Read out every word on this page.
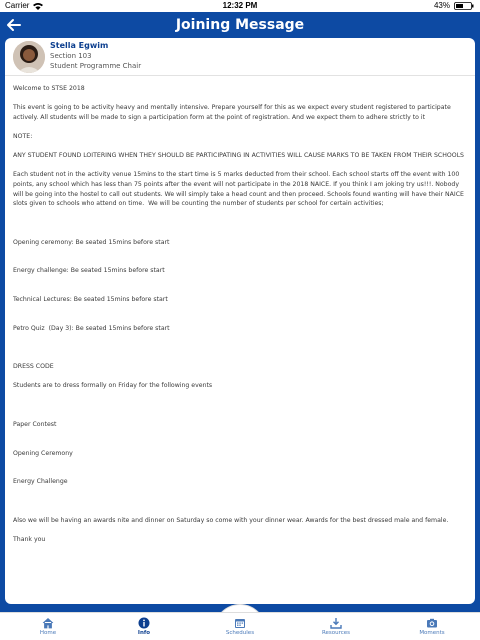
Carrier	12:32 PM	43%
Joining Message
Stella Egwim
Section 103
Student Programme Chair

Welcome to STSE 2018

This event is going to be activity heavy and mentally intensive. Prepare yourself for this as we expect every student registered to participate actively. All students will be made to sign a participation form at the point of registration. And we expect them to adhere strictly to it

NOTE:

ANY STUDENT FOUND LOITERING WHEN THEY SHOULD BE PARTICIPATING IN ACTIVITIES WILL CAUSE MARKS TO BE TAKEN FROM THEIR SCHOOLS

Each student not in the activity venue 15mins to the start time is 5 marks deducted from their school. Each school starts off the event with 100 points, any school which has less than 75 points after the event will not participate in the 2018 NAICE. If you think I am joking try us!!!. Nobody will be going into the hostel to call out students. We will simply take a head count and then proceed. Schools found wanting will have their NAICE slots given to schools who attend on time.  We will be counting the number of students per school for certain activities;

Opening ceremony: Be seated 15mins before start

Energy challenge: Be seated 15mins before start

Technical Lectures: Be seated 15mins before start

Petro Quiz  (Day 3): Be seated 15mins before start

DRESS CODE

Students are to dress formally on Friday for the following events

Paper Contest

Opening Ceremony

Energy Challenge

Also we will be having an awards nite and dinner on Saturday so come with your dinner wear. Awards for the best dressed male and female.

Thank you

Home	Info	Schedules	Resources	Moments
